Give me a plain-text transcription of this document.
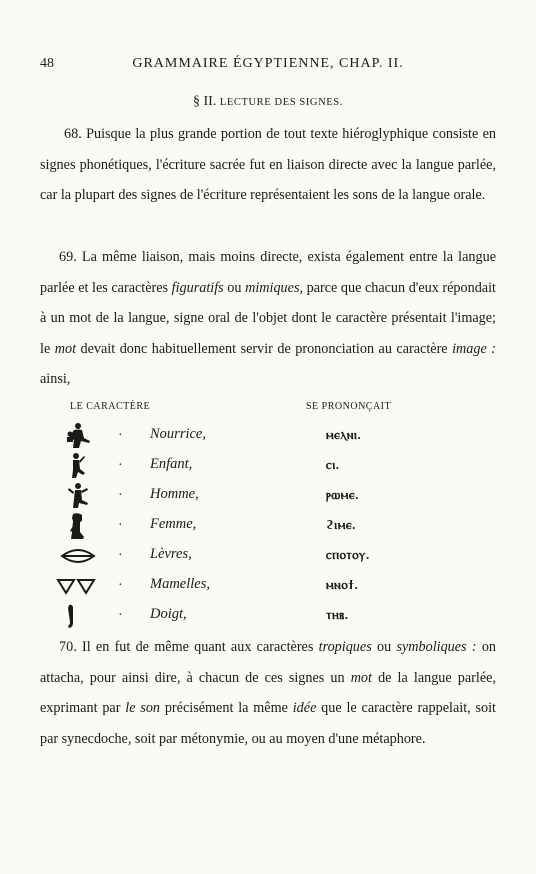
48	GRAMMAIRE ÉGYPTIENNE, CHAP. II.
§ II. LECTURE DES SIGNES.

68. Puisque la plus grande portion de tout texte hiéroglyphique consiste en signes phonétiques, l'écriture sacrée fut en liaison directe avec la langue parlée, car la plupart des signes de l'écriture représentaient les sons de la langue orale.

69. La même liaison, mais moins directe, exista également entre la langue parlée et les caractères figuratifs ou mimiques, parce que chacun d'eux répondait à un mot de la langue, signe oral de l'objet dont le caractère présentait l'image; le mot devait donc habituellement servir de prononciation au caractère image : ainsi,

LE CARACTÈRE	SE PRONONÇAIT
· Nourrice,	ⲙⲉⲗⲛⲓ.
· Enfant,	ⲥⲓ.
· Homme,	ⲣⲱⲙⲉ.
· Femme,	ϩⲓⲙⲉ.
· Lèvres,	ⲥⲡⲟⲧⲟⲩ.
· Mamelles,	ⲙⲛⲟϯ.
· Doigt,	ⲧⲏⲃ.

70. Il en fut de même quant aux caractères tropiques ou symboliques : on attacha, pour ainsi dire, à chacun de ces signes un mot de la langue parlée, exprimant par le son précisément la même idée que le caractère rappelait, soit par synecdoche, soit par métonymie, ou au moyen d'une métaphore.
